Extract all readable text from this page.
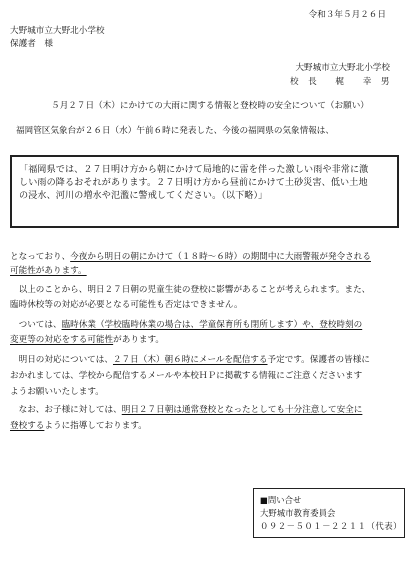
令和３年５月２６日
大野城市立大野北小学校
保護者　様
大野城市立大野北小学校
校　長　　梶　　幸　男
５月２７日（木）にかけての大雨に関する情報と登校時の安全について（お願い）
福岡管区気象台が２６日（水）午前６時に発表した、今後の福岡県の気象情報は、
「福岡県では、２７日明け方から朝にかけて局地的に雷を伴った激しい雨や非常に激
しい雨の降るおそれがあります。２７日明け方から昼前にかけて土砂災害、低い土地
の浸水、河川の増水や氾濫に警戒してください。（以下略）」
となっており、今夜から明日の朝にかけて（１８時～６時）の期間中に大雨警報が発令される
可能性があります。
　以上のことから、明日２７日朝の児童生徒の登校に影響があることが考えられます。また、
臨時休校等の対応が必要となる可能性も否定はできません。
　ついては、臨時休業（学校臨時休業の場合は、学童保育所も閉所します）や、登校時刻の
変更等の対応をする可能性があります。
　明日の対応については、２７日（木）朝６時にメールを配信する予定です。保護者の皆様に
おかれましては、学校から配信するメールや本校ＨＰに掲載する情報にご注意くださいます
ようお願いいたします。
　なお、お子様に対しては、明日２７日朝は通常登校となったとしても十分注意して安全に
登校するように指導しております。
■問い合せ
大野城市教育委員会
０９２－５０１－２２１１（代表）
